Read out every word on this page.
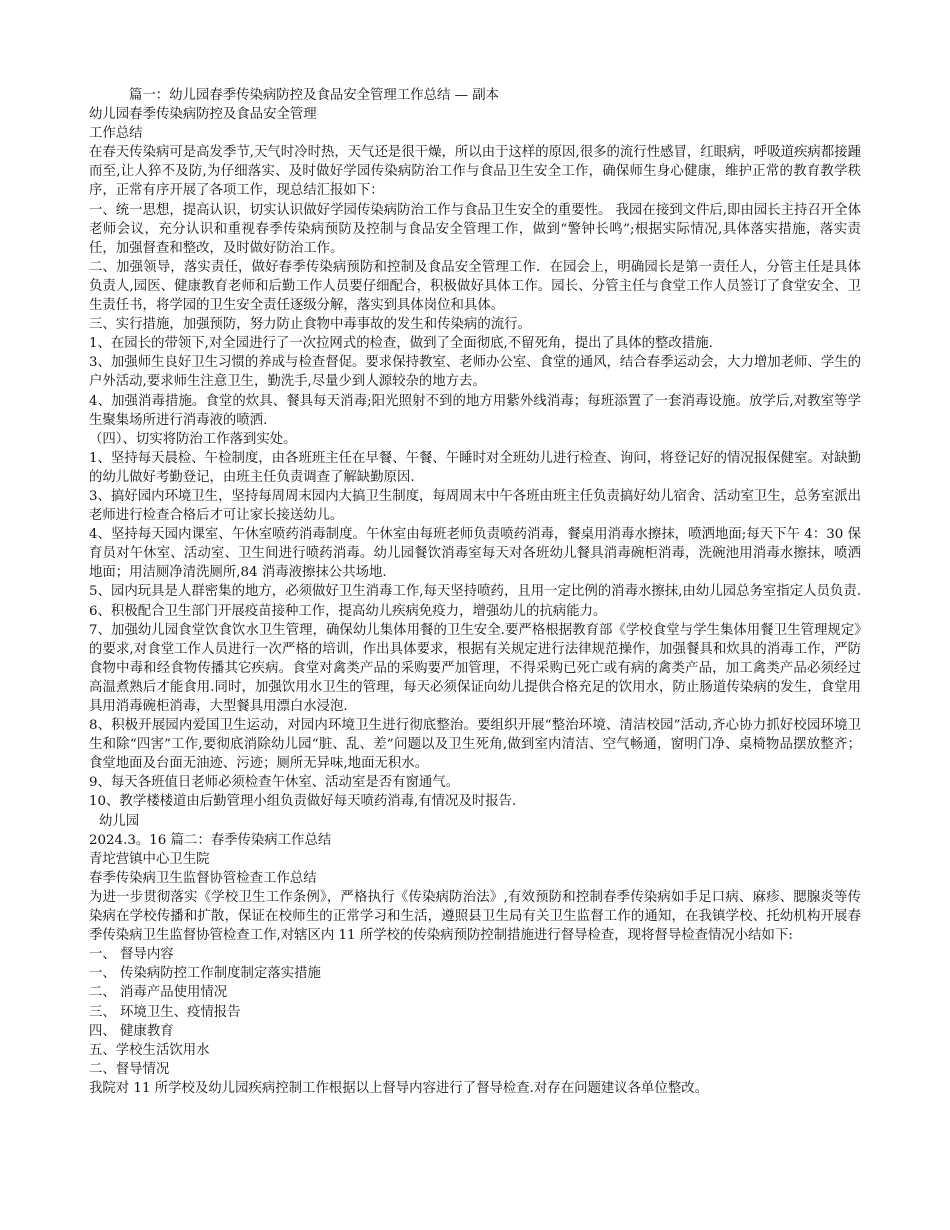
篇一：幼儿园春季传染病防控及食品安全管理工作总结 — 副本

幼儿园春季传染病防控及食品安全管理

工作总结

在春天传染病可是高发季节,天气时冷时热，天气还是很干燥，所以由于这样的原因,很多的流行性感冒，红眼病，呼吸道疾病都接踵而至,让人猝不及防,为仔细落实、及时做好学园传染病防治工作与食品卫生安全工作，确保师生身心健康，维护正常的教育教学秩序，正常有序开展了各项工作，现总结汇报如下：

一、统一思想，提高认识，切实认识做好学园传染病防治工作与食品卫生安全的重要性。 我园在接到文件后,即由园长主持召开全体老师会议，充分认识和重视春季传染病预防及控制与食品安全管理工作，做到“警钟长鸣”;根据实际情况,具体落实措施，落实责任，加强督查和整改，及时做好防治工作。

二、加强领导，落实责任，做好春季传染病预防和控制及食品安全管理工作．在园会上，明确园长是第一责任人，分管主任是具体负责人,园医、健康教育老师和后勤工作人员要仔细配合，积极做好具体工作。园长、分管主任与食堂工作人员签订了食堂安全、卫生责任书，将学园的卫生安全责任逐级分解，落实到具体岗位和具体。

三、实行措施，加强预防，努力防止食物中毒事故的发生和传染病的流行。

1、在园长的带领下,对全园进行了一次拉网式的检查，做到了全面彻底,不留死角，提出了具体的整改措施.

3、加强师生良好卫生习惯的养成与检查督促。要求保持教室、老师办公室、食堂的通风，结合春季运动会，大力增加老师、学生的户外活动,要求师生注意卫生，勤洗手,尽量少到人源较杂的地方去。

4、加强消毒措施。食堂的炊具、餐具每天消毒;阳光照射不到的地方用紫外线消毒；每班添置了一套消毒设施。放学后,对教室等学生聚集场所进行消毒液的喷洒.

（四）、切实将防治工作落到实处。

1、坚持每天晨检、午检制度，由各班班主任在早餐、午餐、午睡时对全班幼儿进行检查、询问，将登记好的情况报保健室。对缺勤的幼儿做好考勤登记，由班主任负责调查了解缺勤原因.

3、搞好园内环境卫生，坚持每周周末园内大搞卫生制度，每周周末中午各班由班主任负责搞好幼儿宿舍、活动室卫生，总务室派出老师进行检查合格后才可让家长接送幼儿。

4、坚持每天园内课室、午休室喷药消毒制度。午休室由每班老师负责喷药消毒，餐桌用消毒水擦抹，喷洒地面;每天下午 4：30 保育员对午休室、活动室、卫生间进行喷药消毒。幼儿园餐饮消毒室每天对各班幼儿餐具消毒碗柜消毒，洗碗池用消毒水擦抹，喷洒地面；用洁厕净清洗厕所,84 消毒液擦抹公共场地.

5、园内玩具是人群密集的地方，必须做好卫生消毒工作,每天坚持喷药，且用一定比例的消毒水擦抹,由幼儿园总务室指定人员负责.6、积极配合卫生部门开展疫苗接种工作，提高幼儿疾病免疫力，增强幼儿的抗病能力。

7、加强幼儿园食堂饮食饮水卫生管理，确保幼儿集体用餐的卫生安全.要严格根据教育部《学校食堂与学生集体用餐卫生管理规定》的要求,对食堂工作人员进行一次严格的培训，作出具体要求，根据有关规定进行法律规范操作，加强餐具和炊具的消毒工作，严防食物中毒和经食物传播其它疾病。食堂对禽类产品的采购要严加管理，不得采购已死亡或有病的禽类产品，加工禽类产品必须经过高温煮熟后才能食用.同时，加强饮用水卫生的管理，每天必须保证向幼儿提供合格充足的饮用水，防止肠道传染病的发生，食堂用具用消毒碗柜消毒，大型餐具用漂白水浸泡.

8、积极开展园内爱国卫生运动，对园内环境卫生进行彻底整治。要组织开展“整治环境、清洁校园”活动,齐心协力抓好校园环境卫生和除“四害”工作,要彻底消除幼儿园“脏、乱、差”问题以及卫生死角,做到室内清洁、空气畅通，窗明门净、桌椅物品摆放整齐；食堂地面及台面无油迹、污迹；厕所无异味,地面无积水。

9、每天各班值日老师必须检查午休室、活动室是否有窗通气。

10、教学楼楼道由后勤管理小组负责做好每天喷药消毒,有情况及时报告.

幼儿园

2024.3。16 篇二：春季传染病工作总结

青坨营镇中心卫生院

春季传染病卫生监督协管检查工作总结

为进一步贯彻落实《学校卫生工作条例》，严格执行《传染病防治法》,有效预防和控制春季传染病如手足口病、麻疹、腮腺炎等传染病在学校传播和扩散，保证在校师生的正常学习和生活，遵照县卫生局有关卫生监督工作的通知，在我镇学校、托幼机构开展春季传染病卫生监督协管检查工作,对辖区内 11 所学校的传染病预防控制措施进行督导检查，现将督导检查情况小结如下:

一、 督导内容

一、 传染病防控工作制度制定落实措施

二、 消毒产品使用情况

三、 环境卫生、疫情报告

四、 健康教育

五、学校生活饮用水

二、督导情况

我院对 11 所学校及幼儿园疾病控制工作根据以上督导内容进行了督导检查.对存在问题建议各单位整改。
